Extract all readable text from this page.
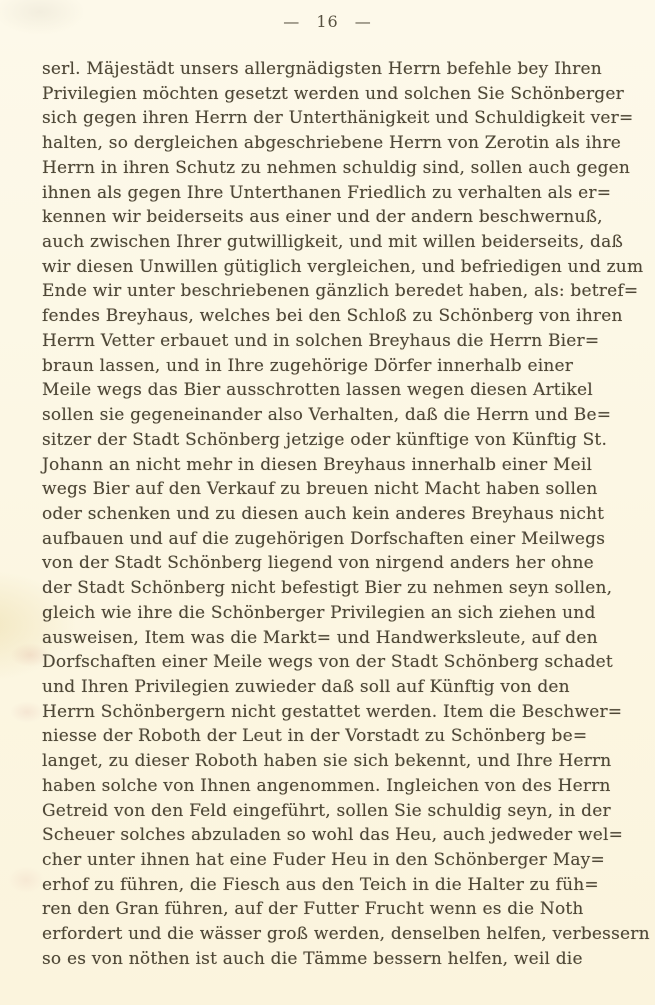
— 16 —
serl. Mäjestädt unsers allergnädigsten Herrn befehle bey Ihren
Privilegien möchten gesetzt werden und solchen Sie Schönberger
sich gegen ihren Herrn der Unterthänigkeit und Schuldigkeit ver=
halten, so dergleichen abgeschriebene Herrn von Zerotin als ihre
Herrn in ihren Schutz zu nehmen schuldig sind, sollen auch gegen
ihnen als gegen Ihre Unterthanen Friedlich zu verhalten als er=
kennen wir beiderseits aus einer und der andern beschwernuß,
auch zwischen Ihrer gutwilligkeit, und mit willen beiderseits, daß
wir diesen Unwillen gütiglich vergleichen, und befriedigen und zum
Ende wir unter beschriebenen gänzlich beredet haben, als: betref=
fendes Breyhaus, welches bei den Schloß zu Schönberg von ihren
Herrn Vetter erbauet und in solchen Breyhaus die Herrn Bier=
braun lassen, und in Ihre zugehörige Dörfer innerhalb einer
Meile wegs das Bier ausschrotten lassen wegen diesen Artikel
sollen sie gegeneinander also Verhalten, daß die Herrn und Be=
sitzer der Stadt Schönberg jetzige oder künftige von Künftig St.
Johann an nicht mehr in diesen Breyhaus innerhalb einer Meil
wegs Bier auf den Verkauf zu breuen nicht Macht haben sollen
oder schenken und zu diesen auch kein anderes Breyhaus nicht
aufbauen und auf die zugehörigen Dorfschaften einer Meilwegs
von der Stadt Schönberg liegend von nirgend anders her ohne
der Stadt Schönberg nicht befestigt Bier zu nehmen seyn sollen,
gleich wie ihre die Schönberger Privilegien an sich ziehen und
ausweisen, Item was die Markt= und Handwerksleute, auf den
Dorfschaften einer Meile wegs von der Stadt Schönberg schadet
und Ihren Privilegien zuwieder daß soll auf Künftig von den
Herrn Schönbergern nicht gestattet werden. Item die Beschwer=
niesse der Roboth der Leut in der Vorstadt zu Schönberg be=
langet, zu dieser Roboth haben sie sich bekennt, und Ihre Herrn
haben solche von Ihnen angenommen. Ingleichen von des Herrn
Getreid von den Feld eingeführt, sollen Sie schuldig seyn, in der
Scheuer solches abzuladen so wohl das Heu, auch jedweder wel=
cher unter ihnen hat eine Fuder Heu in den Schönberger May=
erhof zu führen, die Fiesch aus den Teich in die Halter zu füh=
ren den Gran führen, auf der Futter Frucht wenn es die Noth
erfordert und die wässer groß werden, denselben helfen, verbessern
so es von nöthen ist auch die Tämme bessern helfen, weil die
